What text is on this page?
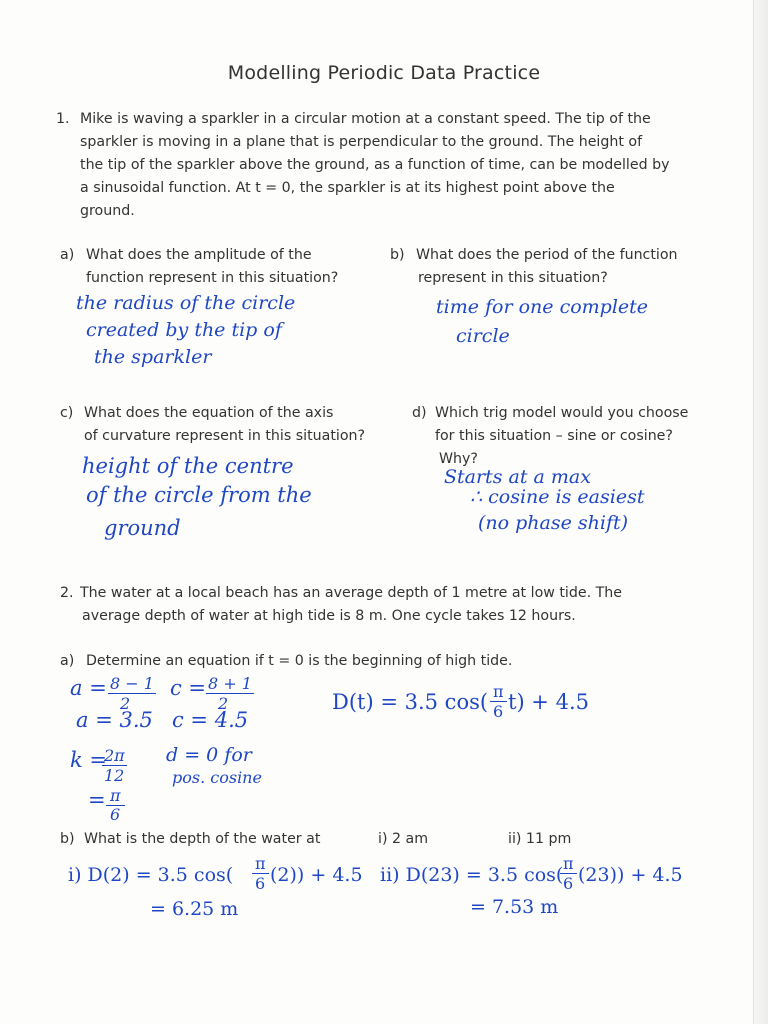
Modelling Periodic Data Practice
1. Mike is waving a sparkler in a circular motion at a constant speed. The tip of the
sparkler is moving in a plane that is perpendicular to the ground. The height of
the tip of the sparkler above the ground, as a function of time, can be modelled by
a sinusoidal function. At t = 0, the sparkler is at its highest point above the
ground.
a) What does the amplitude of the
function represent in this situation?
the radius of the circle
created by the tip of
the sparkler
b) What does the period of the function
represent in this situation?
time for one complete
circle
c) What does the equation of the axis
of curvature represent in this situation?
height of the centre
of the circle from the
ground
d) Which trig model would you choose
for this situation – sine or cosine?
Why?
Starts at a max
∴ cosine is easiest
(no phase shift)
2. The water at a local beach has an average depth of 1 metre at low tide. The
average depth of water at high tide is 8 m. One cycle takes 12 hours.
a) Determine an equation if t = 0 is the beginning of high tide.
a = 8 − 1
2
a = 3.5
c = 8 + 1
2
c = 4.5
k =
2π
12
= π
6
d = 0 for
pos. cosine
D(t) = 3.5 cos( π
6 t) + 4.5
b) What is the depth of the water at	i) 2 am	ii) 11 pm
i) D(2) = 3.5 cos(
π
6 (2)) + 4.5
= 6.25 m
ii) D(23) = 3.5 cos(
π
6 (23)) + 4.5
= 7.53 m
